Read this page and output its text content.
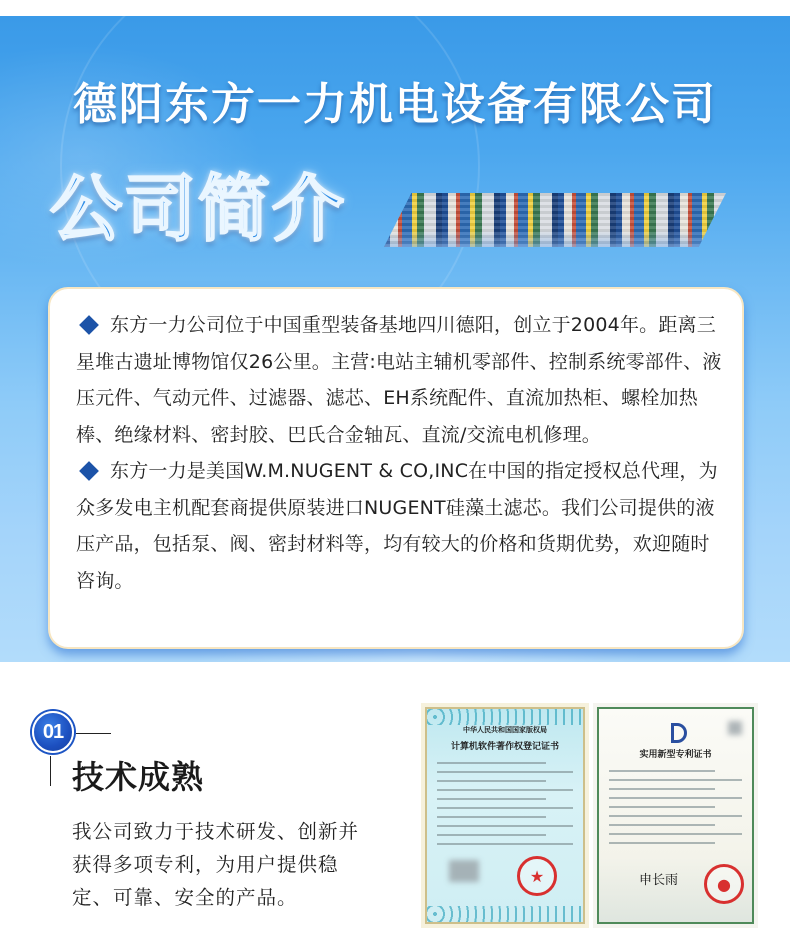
德阳东方一力机电设备有限公司
公司简介

东方一力公司位于中国重型装备基地四川德阳，创立于2004年。距离三星堆古遗址博物馆仅26公里。主营:电站主辅机零部件、控制系统零部件、液压元件、气动元件、过滤器、滤芯、EH系统配件、直流加热柜、螺栓加热棒、绝缘材料、密封胶、巴氏合金轴瓦、直流/交流电机修理。

东方一力是美国W.M.NUGENT & CO,INC在中国的指定授权总代理，为众多发电主机配套商提供原装进口NUGENT硅藻土滤芯。我们公司提供的液压产品，包括泵、阀、密封材料等，均有较大的价格和货期优势，欢迎随时咨询。

01
技术成熟
我公司致力于技术研发、创新并获得多项专利，为用户提供稳定、可靠、安全的产品。
中华人民共和国国家版权局
计算机软件著作权登记证书
★
实用新型专利证书
申长雨	●
